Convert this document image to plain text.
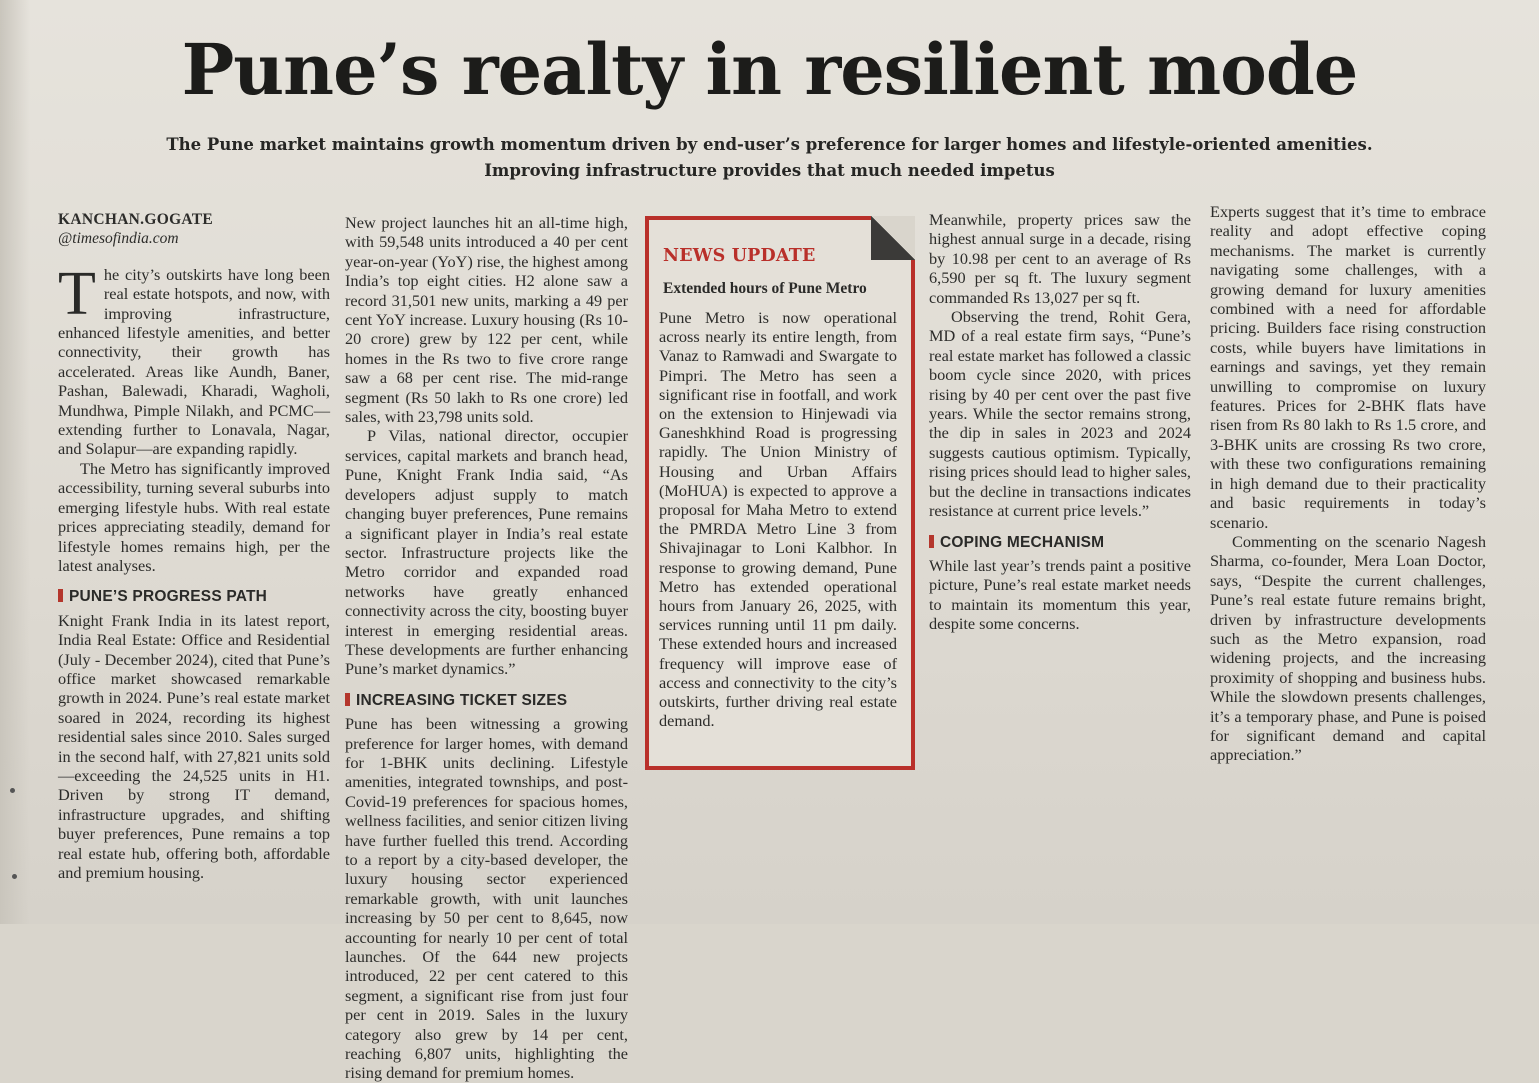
Pune’s realty in resilient mode
The Pune market maintains growth momentum driven by end-user’s preference for larger homes and lifestyle-oriented amenities.
Improving infrastructure provides that much needed impetus
KANCHAN.GOGATE
@timesofindia.com

The city’s outskirts have long been real estate hotspots, and now, with improving infrastructure, enhanced lifestyle amenities, and better connectivity, their growth has accelerated. Areas like Aundh, Baner, Pashan, Balewadi, Kharadi, Wagholi, Mundhwa, Pimple Nilakh, and PCMC—extending further to Lonavala, Nagar, and Solapur—are expanding rapidly.

The Metro has significantly improved accessibility, turning several suburbs into emerging lifestyle hubs. With real estate prices appreciating steadily, demand for lifestyle homes remains high, per the latest analyses.

PUNE’S PROGRESS PATH

Knight Frank India in its latest report, India Real Estate: Office and Residential (July - December 2024), cited that Pune’s office market showcased remarkable growth in 2024. Pune’s real estate market soared in 2024, recording its highest residential sales since 2010. Sales surged in the second half, with 27,821 units sold—exceeding the 24,525 units in H1. Driven by strong IT demand, infrastructure upgrades, and shifting buyer preferences, Pune remains a top real estate hub, offering both, affordable and premium housing.

New project launches hit an all-time high, with 59,548 units introduced a 40 per cent year-on-year (YoY) rise, the highest among India’s top eight cities. H2 alone saw a record 31,501 new units, marking a 49 per cent YoY increase. Luxury housing (Rs 10-20 crore) grew by 122 per cent, while homes in the Rs two to five crore range saw a 68 per cent rise. The mid-range segment (Rs 50 lakh to Rs one crore) led sales, with 23,798 units sold.

P Vilas, national director, occupier services, capital markets and branch head, Pune, Knight Frank India said, “As developers adjust supply to match changing buyer preferences, Pune remains a significant player in India’s real estate sector. Infrastructure projects like the Metro corridor and expanded road networks have greatly enhanced connectivity across the city, boosting buyer interest in emerging residential areas. These developments are further enhancing Pune’s market dynamics.”

INCREASING TICKET SIZES

Pune has been witnessing a growing preference for larger homes, with demand for 1-BHK units declining. Lifestyle amenities, integrated townships, and post-Covid-19 preferences for spacious homes, wellness facilities, and senior citizen living have further fuelled this trend. According to a report by a city-based developer, the luxury housing sector experienced remarkable growth, with unit launches increasing by 50 per cent to 8,645, now accounting for nearly 10 per cent of total launches. Of the 644 new projects introduced, 22 per cent catered to this segment, a significant rise from just four per cent in 2019. Sales in the luxury category also grew by 14 per cent, reaching 6,807 units, highlighting the rising demand for premium homes.

NEWS UPDATE
Extended hours of Pune Metro
Pune Metro is now operational across nearly its entire length, from Vanaz to Ramwadi and Swargate to Pimpri. The Metro has seen a significant rise in footfall, and work on the extension to Hinjewadi via Ganeshkhind Road is progressing rapidly. The Union Ministry of Housing and Urban Affairs (MoHUA) is expected to approve a proposal for Maha Metro to extend the PMRDA Metro Line 3 from Shivajinagar to Loni Kalbhor. In response to growing demand, Pune Metro has extended operational hours from January 26, 2025, with services running until 11 pm daily. These extended hours and increased frequency will improve ease of access and connectivity to the city’s outskirts, further driving real estate demand.

Meanwhile, property prices saw the highest annual surge in a decade, rising by 10.98 per cent to an average of Rs 6,590 per sq ft. The luxury segment commanded Rs 13,027 per sq ft.

Observing the trend, Rohit Gera, MD of a real estate firm says, “Pune’s real estate market has followed a classic boom cycle since 2020, with prices rising by 40 per cent over the past five years. While the sector remains strong, the dip in sales in 2023 and 2024 suggests cautious optimism. Typically, rising prices should lead to higher sales, but the decline in transactions indicates resistance at current price levels.”

COPING MECHANISM

While last year’s trends paint a positive picture, Pune’s real estate market needs to maintain its momentum this year, despite some concerns.

Experts suggest that it’s time to embrace reality and adopt effective coping mechanisms. The market is currently navigating some challenges, with a growing demand for luxury amenities combined with a need for affordable pricing. Builders face rising construction costs, while buyers have limitations in earnings and savings, yet they remain unwilling to compromise on luxury features. Prices for 2-BHK flats have risen from Rs 80 lakh to Rs 1.5 crore, and 3-BHK units are crossing Rs two crore, with these two configurations remaining in high demand due to their practicality and basic requirements in today’s scenario.

Commenting on the scenario Nagesh Sharma, co-founder, Mera Loan Doctor, says, “Despite the current challenges, Pune’s real estate future remains bright, driven by infrastructure developments such as the Metro expansion, road widening projects, and the increasing proximity of shopping and business hubs. While the slowdown presents challenges, it’s a temporary phase, and Pune is poised for significant demand and capital appreciation.”
